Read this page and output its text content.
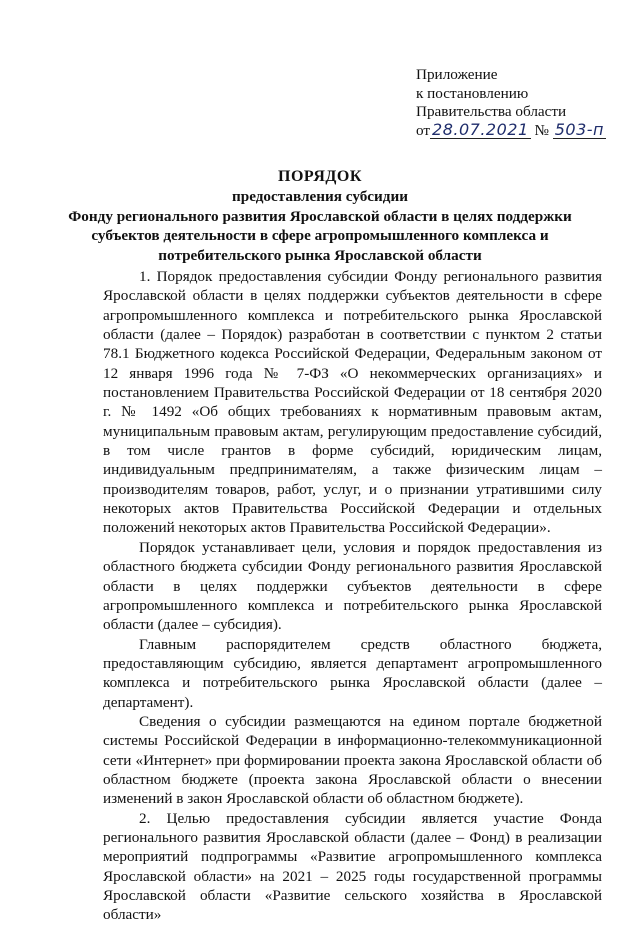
Приложение
к постановлению
Правительства области
от 28.07.2021 № 503-п
ПОРЯДОК
предоставления субсидии
Фонду регионального развития Ярославской области в целях поддержки
субъектов деятельности в сфере агропромышленного комплекса и
потребительского рынка Ярославской области

1. Порядок предоставления субсидии Фонду регионального развития Ярославской области в целях поддержки субъектов деятельности в сфере агропромышленного комплекса и потребительского рынка Ярославской области (далее – Порядок) разработан в соответствии с пунктом 2 статьи 78.1 Бюджетного кодекса Российской Федерации, Федеральным законом от 12 января 1996 года № 7-ФЗ «О некоммерческих организациях» и постановлением Правительства Российской Федерации от 18 сентября 2020 г. № 1492 «Об общих требованиях к нормативным правовым актам, муниципальным правовым актам, регулирующим предоставление субсидий, в том числе грантов в форме субсидий, юридическим лицам, индивидуальным предпринимателям, а также физическим лицам – производителям товаров, работ, услуг, и о признании утратившими силу некоторых актов Правительства Российской Федерации и отдельных положений некоторых актов Правительства Российской Федерации».

Порядок устанавливает цели, условия и порядок предоставления из областного бюджета субсидии Фонду регионального развития Ярославской области в целях поддержки субъектов деятельности в сфере агропромышленного комплекса и потребительского рынка Ярославской области (далее – субсидия).

Главным распорядителем средств областного бюджета, предоставляющим субсидию, является департамент агропромышленного комплекса и потребительского рынка Ярославской области (далее – департамент).

Сведения о субсидии размещаются на едином портале бюджетной системы Российской Федерации в информационно-телекоммуникационной сети «Интернет» при формировании проекта закона Ярославской области об областном бюджете (проекта закона Ярославской области о внесении изменений в закон Ярославской области об областном бюджете).

2. Целью предоставления субсидии является участие Фонда регионального развития Ярославской области (далее – Фонд) в реализации мероприятий подпрограммы «Развитие агропромышленного комплекса Ярославской области» на 2021 – 2025 годы государственной программы Ярославской области «Развитие сельского хозяйства в Ярославской области»
